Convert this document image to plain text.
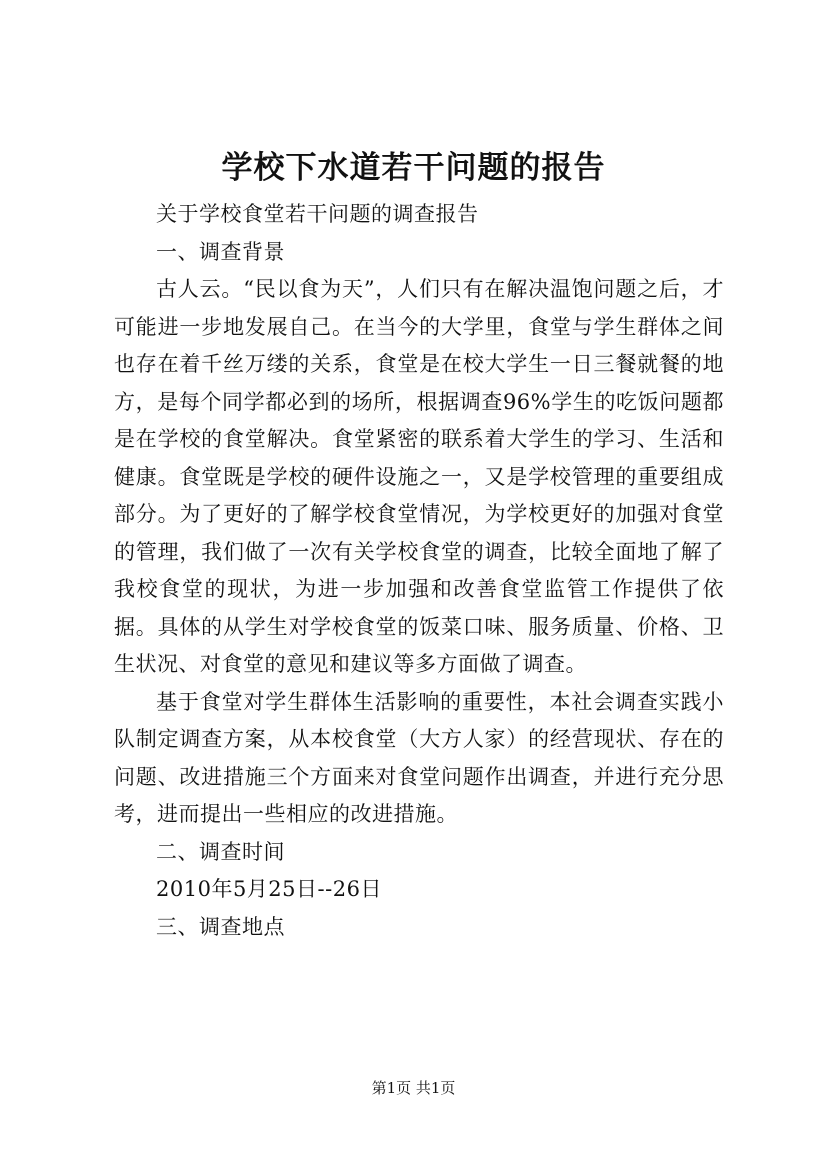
学校下水道若干问题的报告

关于学校食堂若干问题的调查报告

一、调查背景

古人云。“民以食为天”，人们只有在解决温饱问题之后，才可能进一步地发展自己。在当今的大学里，食堂与学生群体之间也存在着千丝万缕的关系，食堂是在校大学生一日三餐就餐的地方，是每个同学都必到的场所，根据调查96%学生的吃饭问题都是在学校的食堂解决。食堂紧密的联系着大学生的学习、生活和健康。食堂既是学校的硬件设施之一，又是学校管理的重要组成部分。为了更好的了解学校食堂情况，为学校更好的加强对食堂的管理，我们做了一次有关学校食堂的调查，比较全面地了解了我校食堂的现状，为进一步加强和改善食堂监管工作提供了依据。具体的从学生对学校食堂的饭菜口味、服务质量、价格、卫生状况、对食堂的意见和建议等多方面做了调查。

基于食堂对学生群体生活影响的重要性，本社会调查实践小队制定调查方案，从本校食堂（大方人家）的经营现状、存在的问题、改进措施三个方面来对食堂问题作出调查，并进行充分思考，进而提出一些相应的改进措施。

二、调查时间

2010年5月25日--26日

三、调查地点

第1页 共1页
